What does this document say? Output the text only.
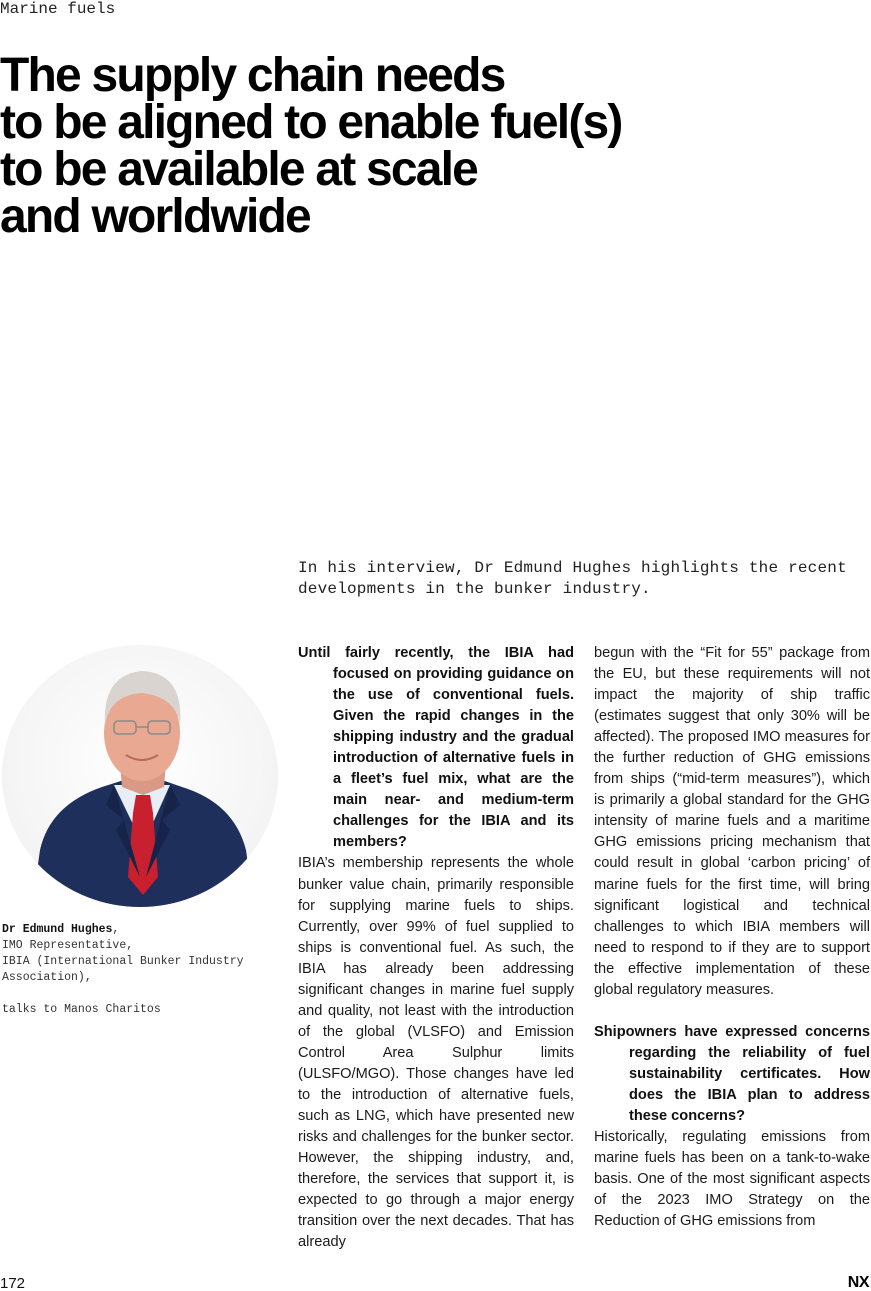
Marine fuels
The supply chain needs
to be aligned to enable fuel(s)
to be available at scale
and worldwide

In his interview, Dr Edmund Hughes highlights the recent developments in the bunker industry.

Dr Edmund Hughes,
IMO Representative,
IBIA (International Bunker Industry Association),
talks to Manos Charitos

Until fairly recently, the IBIA had focused on providing guidance on the use of conventional fuels. Given the rapid changes in the shipping industry and the gradual introduction of alternative fuels in a fleet’s fuel mix, what are the main near- and medium-term challenges for the IBIA and its members?

IBIA’s membership represents the whole bunker value chain, primarily responsible for supplying marine fuels to ships. Currently, over 99% of fuel supplied to ships is conventional fuel. As such, the IBIA has already been addressing significant changes in marine fuel supply and quality, not least with the introduction of the global (VLSFO) and Emission Control Area Sulphur limits (ULSFO/MGO). Those changes have led to the introduction of alternative fuels, such as LNG, which have presented new risks and challenges for the bunker sector. However, the shipping industry, and, therefore, the services that support it, is expected to go through a major energy transition over the next decades. That has already

begun with the “Fit for 55” package from the EU, but these requirements will not impact the majority of ship traffic (estimates suggest that only 30% will be affected). The proposed IMO measures for the further reduction of GHG emissions from ships (“mid-term measures”), which is primarily a global standard for the GHG intensity of marine fuels and a maritime GHG emissions pricing mechanism that could result in global ‘carbon pricing’ of marine fuels for the first time, will bring significant logistical and technical challenges to which IBIA members will need to respond to if they are to support the effective implementation of these global regulatory measures.

Shipowners have expressed concerns regarding the reliability of fuel sustainability certificates. How does the IBIA plan to address these concerns?

Historically, regulating emissions from marine fuels has been on a tank-to-wake basis. One of the most significant aspects of the 2023 IMO Strategy on the Reduction of GHG emissions from

172	NX
